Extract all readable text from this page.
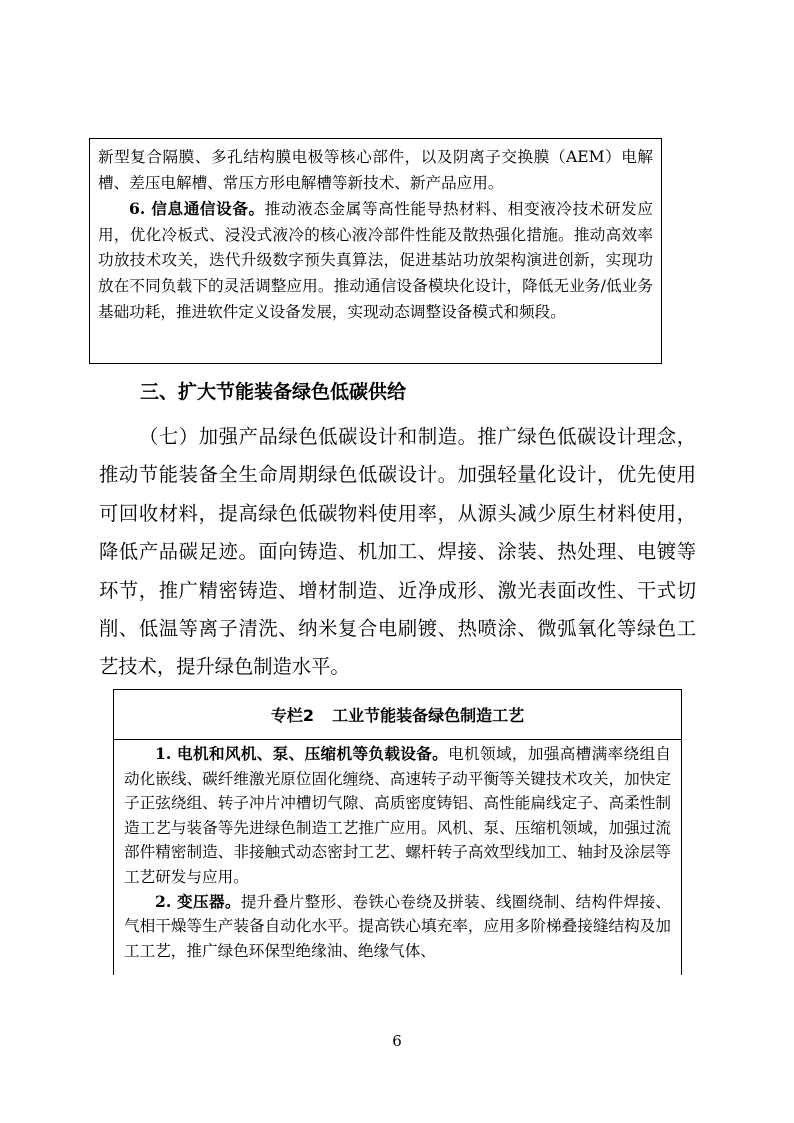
新型复合隔膜、多孔结构膜电极等核心部件，以及阴离子交换膜（AEM）电解槽、差压电解槽、常压方形电解槽等新技术、新产品应用。

6. 信息通信设备。推动液态金属等高性能导热材料、相变液冷技术研发应用，优化冷板式、浸没式液冷的核心液冷部件性能及散热强化措施。推动高效率功放技术攻关，迭代升级数字预失真算法，促进基站功放架构演进创新，实现功放在不同负载下的灵活调整应用。推动通信设备模块化设计，降低无业务/低业务基础功耗，推进软件定义设备发展，实现动态调整设备模式和频段。

三、扩大节能装备绿色低碳供给

（七）加强产品绿色低碳设计和制造。推广绿色低碳设计理念，推动节能装备全生命周期绿色低碳设计。加强轻量化设计，优先使用可回收材料，提高绿色低碳物料使用率，从源头减少原生材料使用，降低产品碳足迹。面向铸造、机加工、焊接、涂装、热处理、电镀等环节，推广精密铸造、增材制造、近净成形、激光表面改性、干式切削、低温等离子清洗、纳米复合电刷镀、热喷涂、微弧氧化等绿色工艺技术，提升绿色制造水平。

专栏2 工业节能装备绿色制造工艺

1. 电机和风机、泵、压缩机等负载设备。电机领域，加强高槽满率绕组自动化嵌线、碳纤维激光原位固化缠绕、高速转子动平衡等关键技术攻关，加快定子正弦绕组、转子冲片冲槽切气隙、高质密度铸铝、高性能扁线定子、高柔性制造工艺与装备等先进绿色制造工艺推广应用。风机、泵、压缩机领域，加强过流部件精密制造、非接触式动态密封工艺、螺杆转子高效型线加工、轴封及涂层等工艺研发与应用。

2. 变压器。提升叠片整形、卷铁心卷绕及拼装、线圈绕制、结构件焊接、气相干燥等生产装备自动化水平。提高铁心填充率，应用多阶梯叠接缝结构及加工工艺，推广绿色环保型绝缘油、绝缘气体、

6
